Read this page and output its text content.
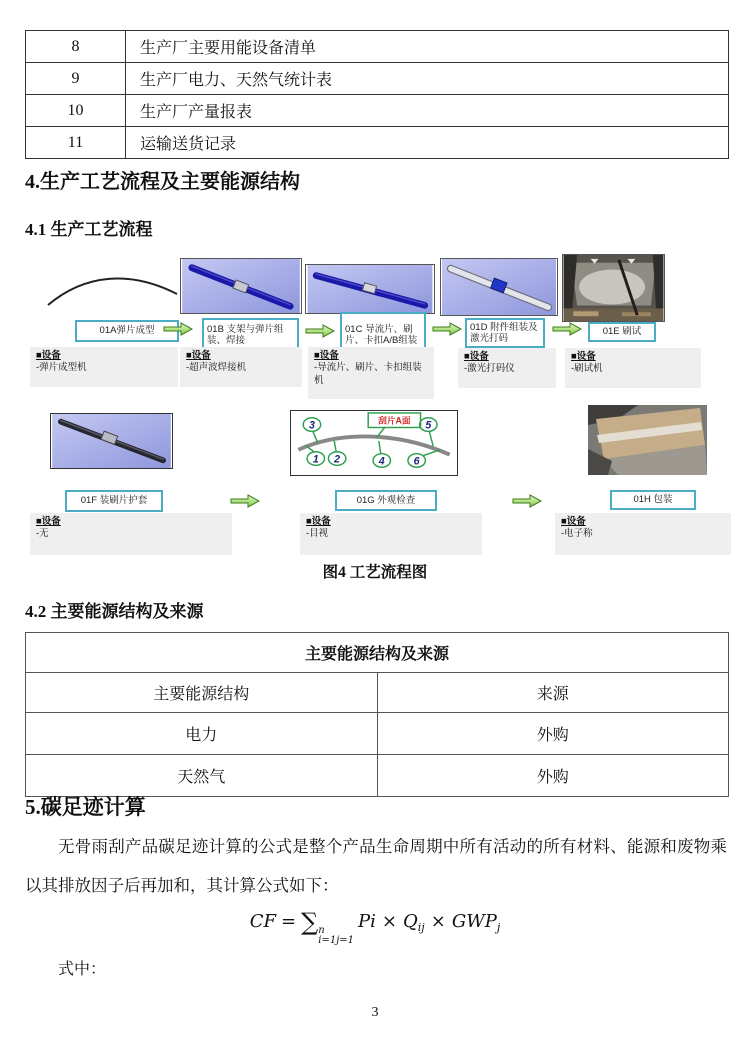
8	生产厂主要用能设备清单
9	生产厂电力、天然气统计表
10	生产厂产量报表
11	运输送货记录
4.生产工艺流程及主要能源结构
4.1 生产工艺流程
01A弹片成型	01B 支架与弹片组装、焊接
01C 导流片、刷片、卡扣A/B组装
01D 附件组装及激光打码
01E 刷试
■设备
-弹片成型机
■设备
-超声波焊接机
■设备
-导流片、刷片、卡扣组装机
■设备
-激光打码仪
■设备
-刷试机
刮片A面
3
1 2	4
5
6
01F 装刷片护套	01G 外观检查	01H 包装
■设备
-无
■设备
-目视
■设备
-电子称
图4 工艺流程图
4.2 主要能源结构及来源
主要能源结构及来源	
主要能源结构	来源
电力	外购
天然气	外购
5.碳足迹计算
无骨雨刮产品碳足迹计算的公式是整个产品生命周期中所有活动的所有材料、能源和废物乘以其排放因子后再加和，其计算公式如下：
CF = ∑ n
i=1j=1
$Pi \times Q_{ij} \times GWP_j$
式中：
3
